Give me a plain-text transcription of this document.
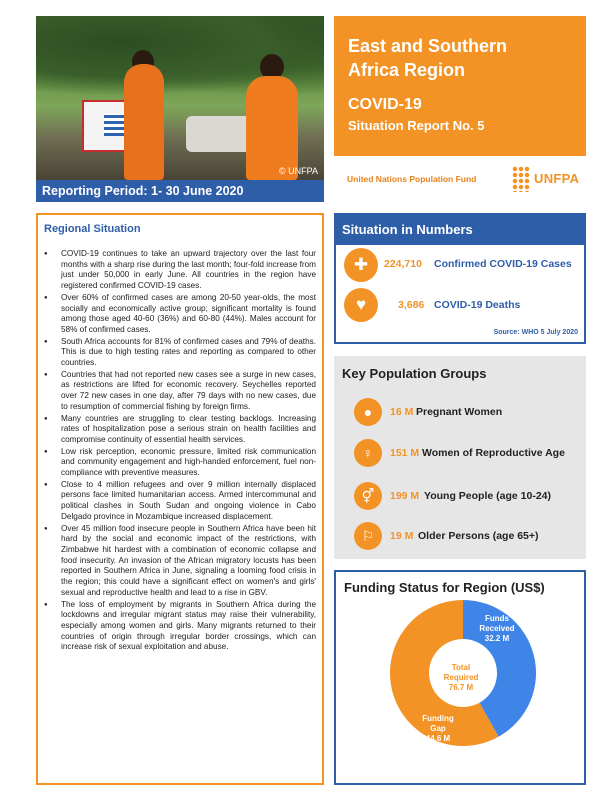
© UNFPA
Reporting Period: 1- 30 June 2020
East and Southern
Africa Region
COVID-19
Situation Report No. 5
United Nations Population Fund	UNFPA
Regional Situation
● COVID-19 continues to take an upward trajectory over the last four months with a sharp rise during the last month; four-fold increase from just under 50,000 in early June. All countries in the region have registered confirmed COVID-19 cases.
● Over 60% of confirmed cases are among 20-50 year-olds, the most socially and economically active group; significant mortality is found among those aged 40-60 (36%) and 60-80 (44%). Males account for 58% of confirmed cases.
● South Africa accounts for 81% of confirmed cases and 79% of deaths. This is due to high testing rates and reporting as compared to other countries.
● Countries that had not reported new cases see a surge in new cases, as restrictions are lifted for economic recovery. Seychelles reported over 72 new cases in one day, after 79 days with no new cases, due to resumption of commercial fishing by foreign firms.
● Many countries are struggling to clear testing backlogs. Increasing rates of hospitalization pose a serious strain on health facilities and compromise continuity of essential health services.
● Low risk perception, economic pressure, limited risk communication and community engagement and high-handed enforcement, fuel non-compliance with preventive measures.
● Close to 4 million refugees and over 9 million internally displaced persons face limited humanitarian access. Armed intercommunal and political clashes in South Sudan and ongoing violence in Cabo Delgado province in Mozambique increased displacement.
● Over 45 million food insecure people in Southern Africa have been hit hard by the social and economic impact of the restrictions, with Zimbabwe hit hardest with a combination of economic collapse and food insecurity. An invasion of the African migratory locusts has been reported in Southern Africa in June, signaling a looming food crisis in the region; this could have a significant effect on women's and girls' sexual and reproductive health and lead to a rise in GBV.
● The loss of employment by migrants in Southern Africa during the lockdowns and irregular migrant status may raise their vulnerability, especially among women and girls. Many migrants returned to their countries of origin through irregular border crossings, which can increase risk of sexual exploitation and abuse.
Situation in Numbers
✚	224,710 Confirmed COVID-19 Cases
♥	3,686 COVID-19 Deaths
Source: WHO 5 July 2020
Key Population Groups
●	16 M Pregnant Women
♀	151 M Women of Reproductive Age
⚥	199 M Young People (age 10-24)
⚐	19 M Older Persons (age 65+)
Funding Status for Region (US$)
Funds Received
32.2 M
Total Required
76.7 M
Funding Gap
44.6 M
